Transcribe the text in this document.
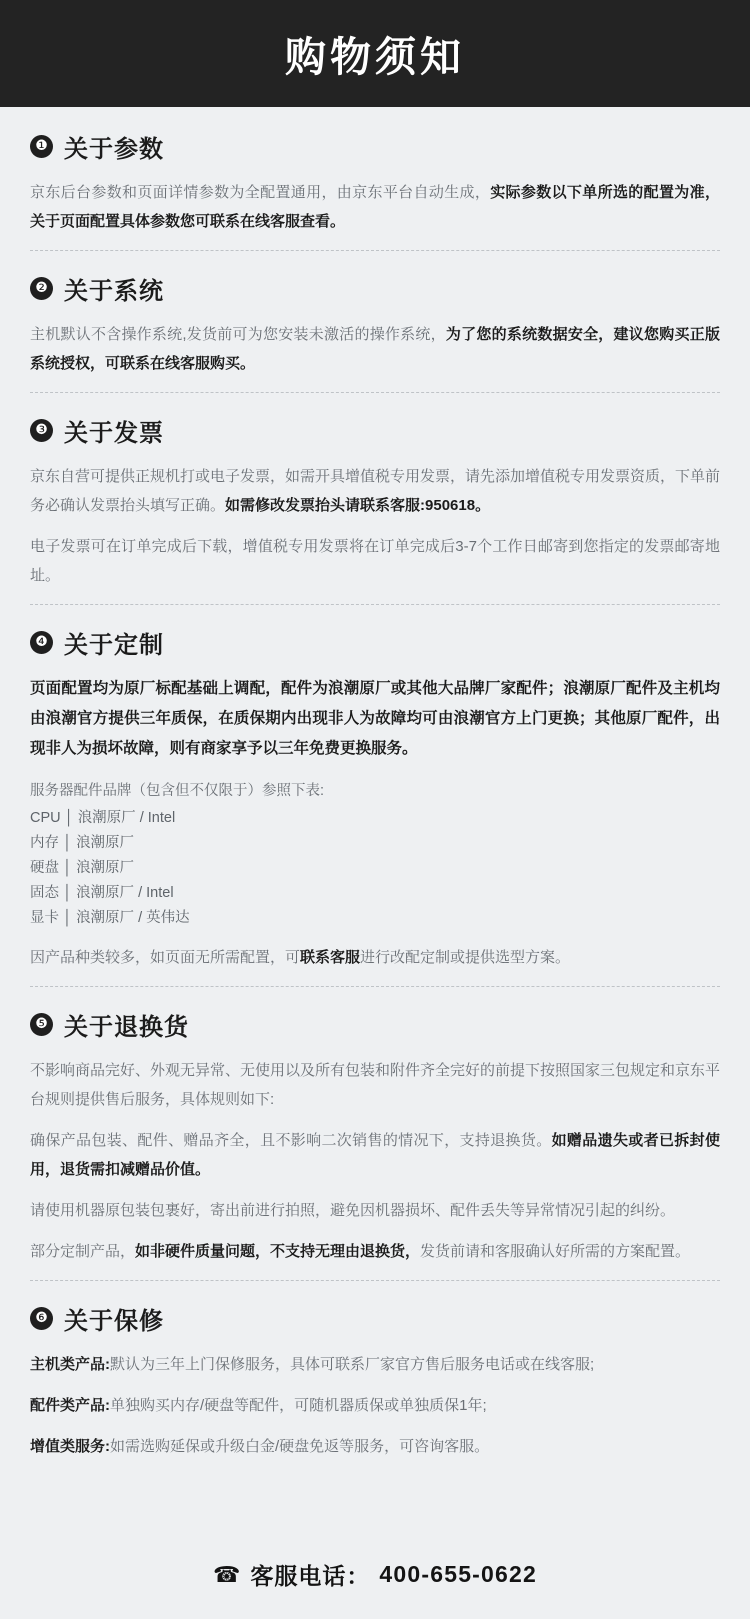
购物须知
❶ 关于参数

京东后台参数和页面详情参数为全配置通用，由京东平台自动生成，实际参数以下单所选的配置为准，关于页面配置具体参数您可联系在线客服查看。

❷ 关于系统

主机默认不含操作系统,发货前可为您安装未激活的操作系统，为了您的系统数据安全，建议您购买正版系统授权，可联系在线客服购买。

❸ 关于发票

京东自营可提供正规机打或电子发票，如需开具增值税专用发票，请先添加增值税专用发票资质，下单前务必确认发票抬头填写正确。如需修改发票抬头请联系客服:950618。

电子发票可在订单完成后下载，增值税专用发票将在订单完成后3-7个工作日邮寄到您指定的发票邮寄地址。

❹ 关于定制

页面配置均为原厂标配基础上调配，配件为浪潮原厂或其他大品牌厂家配件；浪潮原厂配件及主机均由浪潮官方提供三年质保，在质保期内出现非人为故障均可由浪潮官方上门更换；其他原厂配件，出现非人为损坏故障，则有商家享予以三年免费更换服务。

服务器配件品牌（包含但不仅限于）参照下表:

CPU │ 浪潮原厂 / Intel
内存 │ 浪潮原厂
硬盘 │ 浪潮原厂
固态 │ 浪潮原厂 / Intel
显卡 │ 浪潮原厂 / 英伟达

因产品种类较多，如页面无所需配置，可联系客服进行改配定制或提供选型方案。

❺ 关于退换货

不影响商品完好、外观无异常、无使用以及所有包装和附件齐全完好的前提下按照国家三包规定和京东平台规则提供售后服务，具体规则如下:

确保产品包装、配件、赠品齐全，且不影响二次销售的情况下，支持退换货。如赠品遗失或者已拆封使用，退货需扣减赠品价值。

请使用机器原包装包裹好，寄出前进行拍照，避免因机器损坏、配件丢失等异常情况引起的纠纷。

部分定制产品，如非硬件质量问题，不支持无理由退换货，发货前请和客服确认好所需的方案配置。

❻ 关于保修

主机类产品:默认为三年上门保修服务，具体可联系厂家官方售后服务电话或在线客服;

配件类产品:单独购买内存/硬盘等配件，可随机器质保或单独质保1年;

增值类服务:如需选购延保或升级白金/硬盘免返等服务，可咨询客服。

☎ 客服电话： 400-655-0622
